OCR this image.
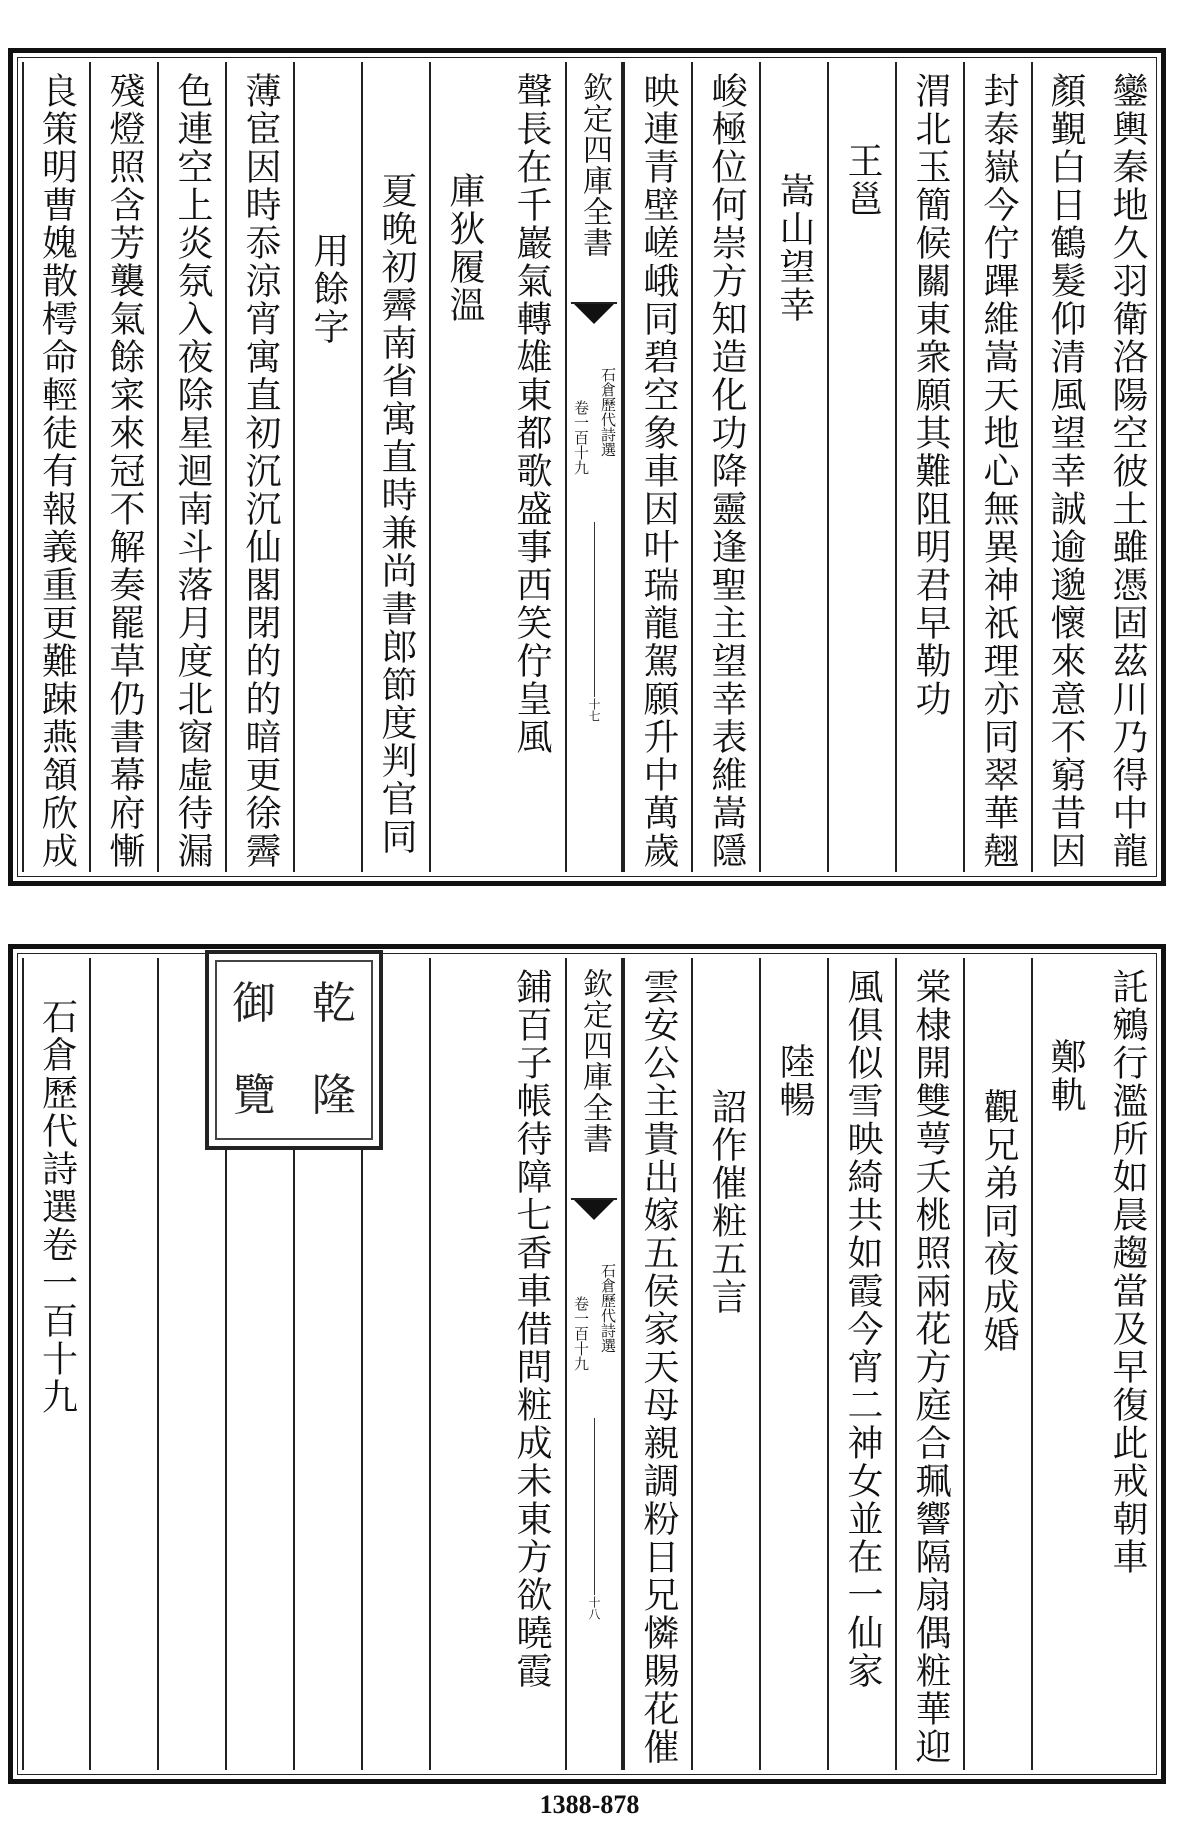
鑾輿秦地久羽衛洛陽空彼土雖憑固茲川乃得中龍
顏覲白日鶴髮仰清風望幸誠逾邈懷來意不窮昔因
封泰嶽今佇蹕維嵩天地心無異神祇理亦同翠華翹
渭北玉簡候關東衆願其難阻明君早勒功
王邕
嵩山望幸
峻極位何崇方知造化功降靈逢聖主望幸表維嵩隱
映連青壁嵯峨同碧空象車因叶瑞龍駕願升中萬歲
欽定四庫全書
石倉歷代詩選
卷一百十九
十七
聲長在千巖氣轉雄東都歌盛事西笑佇皇風
庫狄履溫
夏晚初霽南省寓直時兼尚書郎節度判官同
用餘字
薄宦因時忝涼宵寓直初沉沉仙閣閉的的暗更徐霽
色連空上炎氛入夜除星迴南斗落月度北窗虛待漏
殘燈照含芳襲氣餘寀來冠不解奏罷草仍書幕府慚
良策明曹媿散樗命輕徒有報義重更難踈燕頷欣成
託鵷行濫所如晨趨當及早復此戒朝車
鄭軌
觀兄弟同夜成婚
棠棣開雙萼夭桃照兩花方庭合珮響隔扇偶粧華迎
風俱似雪映綺共如霞今宵二神女並在一仙家
陸暢
詔作催粧五言
雲安公主貴出嫁五侯家天母親調粉日兄憐賜花催
欽定四庫全書
石倉歷代詩選
卷一百十九
十八
鋪百子帳待障七香車借問粧成未東方欲曉霞
石倉歷代詩選卷一百十九	乾
隆
御
覽
1388-878
